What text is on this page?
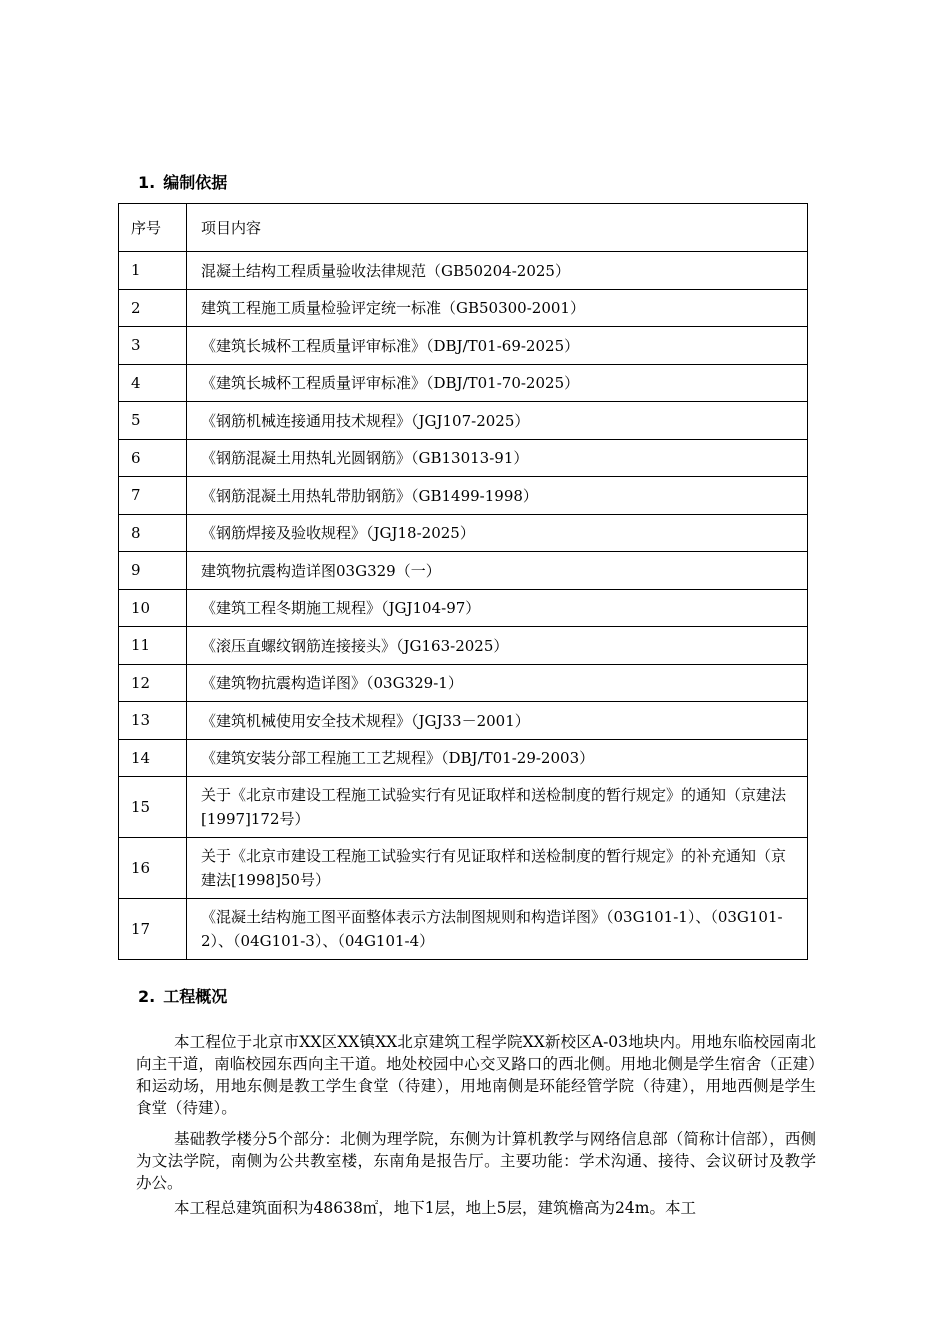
1. 编制依据
序号	项目内容
1	混凝土结构工程质量验收法律规范（GB50204-2025）
2	建筑工程施工质量检验评定统一标准（GB50300-2001）
3	《建筑长城杯工程质量评审标准》（DBJ/T01-69-2025）
4	《建筑长城杯工程质量评审标准》（DBJ/T01-70-2025）
5	《钢筋机械连接通用技术规程》（JGJ107-2025）
6	《钢筋混凝土用热轧光圆钢筋》（GB13013-91）
7	《钢筋混凝土用热轧带肋钢筋》（GB1499-1998）
8	《钢筋焊接及验收规程》（JGJ18-2025）
9	建筑物抗震构造详图03G329（一）
10	《建筑工程冬期施工规程》（JGJ104-97）
11	《滚压直螺纹钢筋连接接头》（JG163-2025）
12	《建筑物抗震构造详图》（03G329-1）
13	《建筑机械使用安全技术规程》（JGJ33－2001）
14	《建筑安装分部工程施工工艺规程》（DBJ/T01-29-2003）
15	关于《北京市建设工程施工试验实行有见证取样和送检制度的暂行规定》的通知（京建法[1997]172号）
16	关于《北京市建设工程施工试验实行有见证取样和送检制度的暂行规定》的补充通知（京建法[1998]50号）
17	《混凝土结构施工图平面整体表示方法制图规则和构造详图》（03G101-1）、（03G101-2）、（04G101-3）、（04G101-4）
2. 工程概况

本工程位于北京市XX区XX镇XX北京建筑工程学院XX新校区A-03地块内。用地东临校园南北向主干道，南临校园东西向主干道。地处校园中心交叉路口的西北侧。用地北侧是学生宿舍（正建）和运动场，用地东侧是教工学生食堂（待建），用地南侧是环能经管学院（待建），用地西侧是学生食堂（待建）。

基础教学楼分5个部分：北侧为理学院，东侧为计算机教学与网络信息部（简称计信部），西侧为文法学院，南侧为公共教室楼，东南角是报告厅。主要功能：学术沟通、接待、会议研讨及教学办公。

本工程总建筑面积为48638㎡，地下1层，地上5层，建筑檐高为24m。本工
